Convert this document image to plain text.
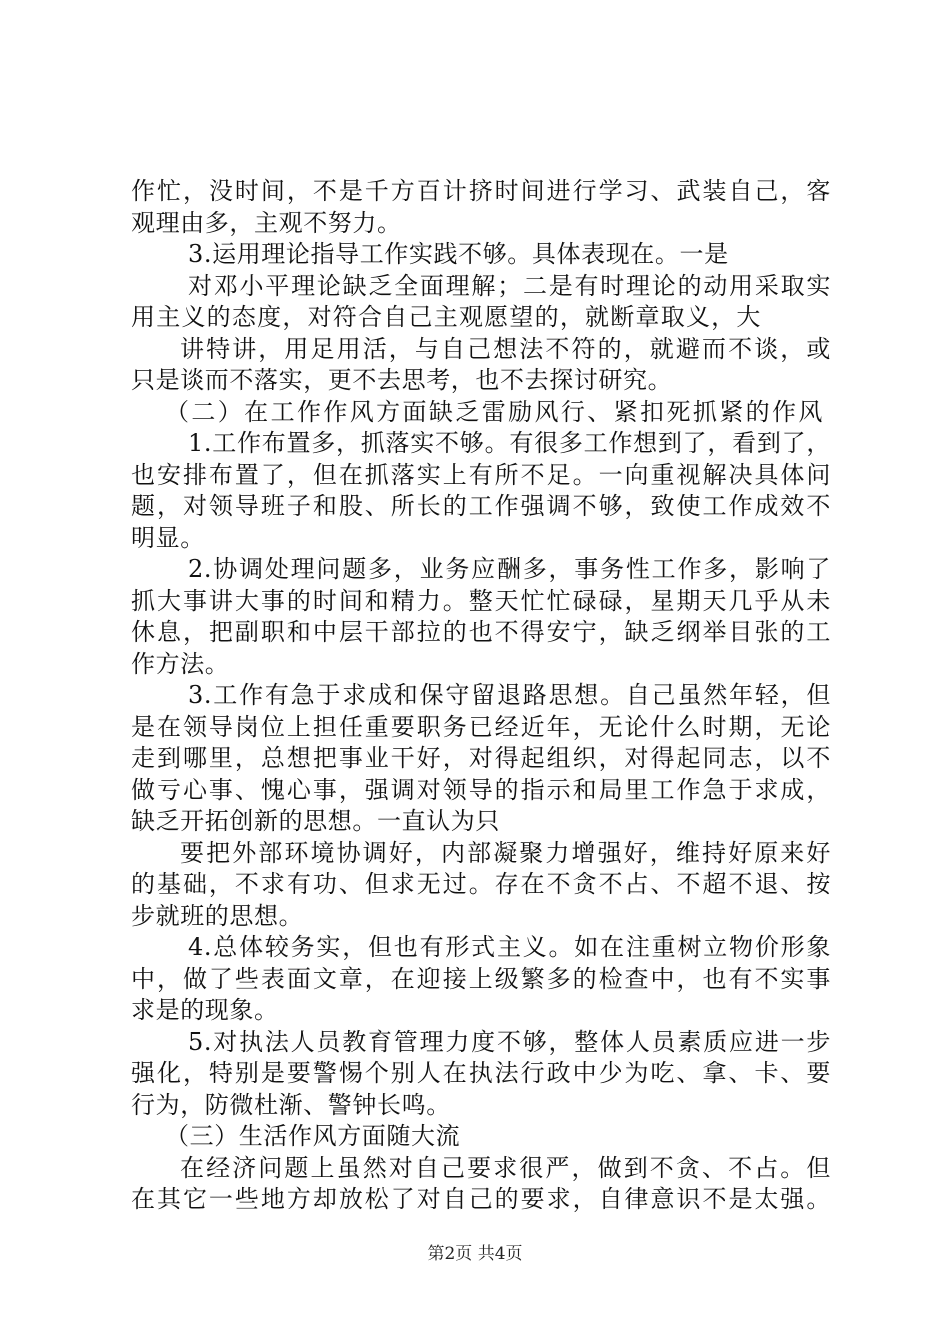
作忙，没时间，不是千方百计挤时间进行学习、武装自己，客
观理由多，主观不努力。
3.运用理论指导工作实践不够。具体表现在。一是
对邓小平理论缺乏全面理解；二是有时理论的动用采取实
用主义的态度，对符合自己主观愿望的，就断章取义，大
讲特讲，用足用活，与自己想法不符的，就避而不谈，或
只是谈而不落实，更不去思考，也不去探讨研究。
（二）在工作作风方面缺乏雷励风行、紧扣死抓紧的作风
1.工作布置多，抓落实不够。有很多工作想到了，看到了，
也安排布置了，但在抓落实上有所不足。一向重视解决具体问
题，对领导班子和股、所长的工作强调不够，致使工作成效不
明显。
2.协调处理问题多，业务应酬多，事务性工作多，影响了
抓大事讲大事的时间和精力。整天忙忙碌碌，星期天几乎从未
休息，把副职和中层干部拉的也不得安宁，缺乏纲举目张的工
作方法。
3.工作有急于求成和保守留退路思想。自己虽然年轻，但
是在领导岗位上担任重要职务已经近年，无论什么时期，无论
走到哪里，总想把事业干好，对得起组织，对得起同志，以不
做亏心事、愧心事，强调对领导的指示和局里工作急于求成，
缺乏开拓创新的思想。一直认为只
要把外部环境协调好，内部凝聚力增强好，维持好原来好
的基础，不求有功、但求无过。存在不贪不占、不超不退、按
步就班的思想。
4.总体较务实，但也有形式主义。如在注重树立物价形象
中，做了些表面文章，在迎接上级繁多的检查中，也有不实事
求是的现象。
5.对执法人员教育管理力度不够，整体人员素质应进一步
强化，特别是要警惕个别人在执法行政中少为吃、拿、卡、要
行为，防微杜渐、警钟长鸣。
（三）生活作风方面随大流
在经济问题上虽然对自己要求很严，做到不贪、不占。但
在其它一些地方却放松了对自己的要求，自律意识不是太强。
第2页 共4页
